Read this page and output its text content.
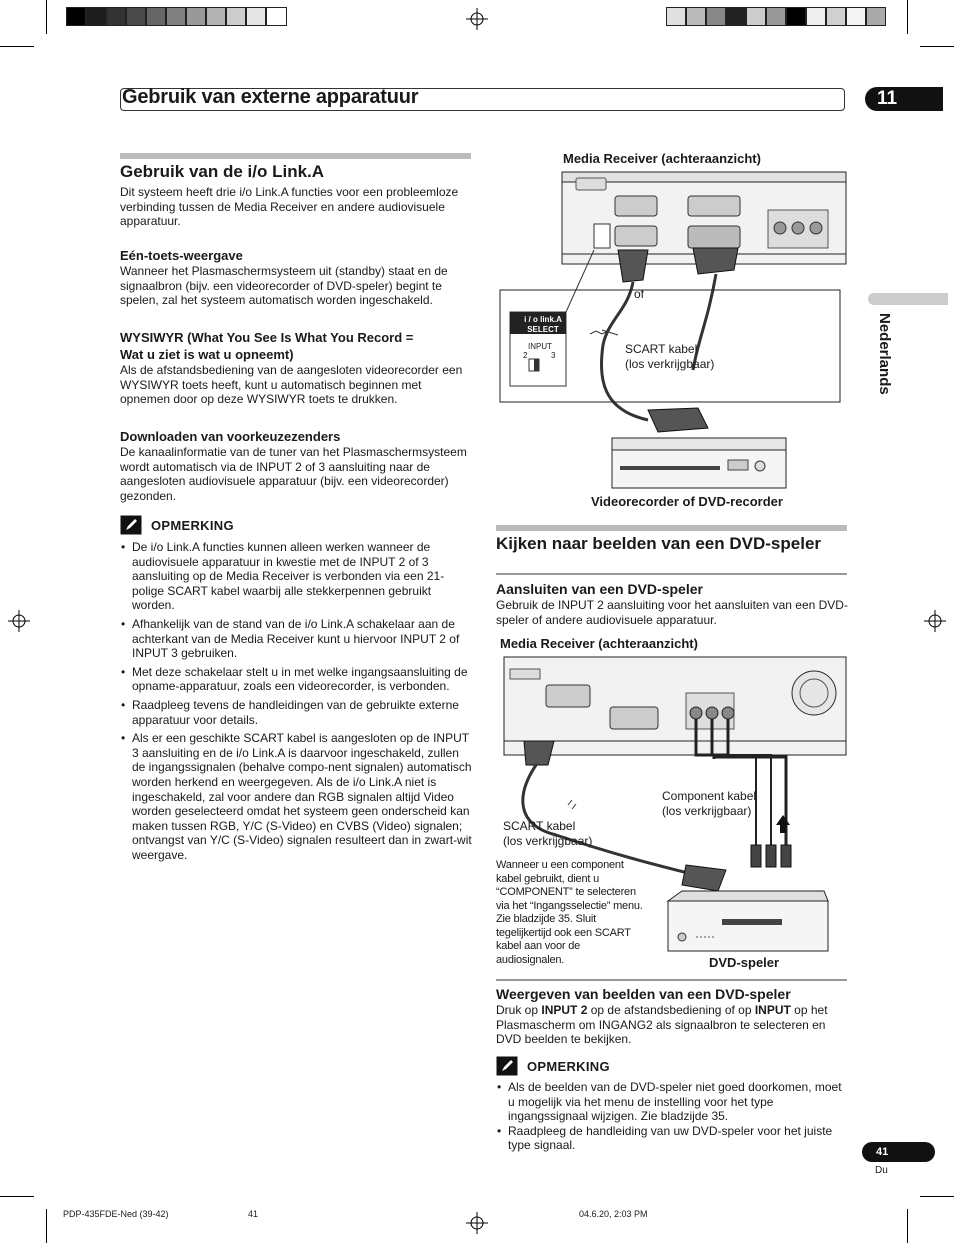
Gebruik van externe apparatuur	11
Nederlands
Gebruik van de i/o Link.A
Dit systeem heeft drie i/o Link.A functies voor een probleemloze verbinding tussen de Media Receiver en andere audiovisuele apparatuur.
Eén-toets-weergave
Wanneer het Plasmaschermsysteem uit (standby) staat en de signaalbron (bijv. een videorecorder of DVD-speler) begint te spelen, zal het systeem automatisch worden ingeschakeld.
WYSIWYR (What You See Is What You Record =
Wat u ziet is wat u opneemt)
Als de afstandsbediening van de aangesloten videorecorder een WYSIWYR toets heeft, kunt u automatisch beginnen met opnemen door op deze WYSIWYR toets te drukken.
Downloaden van voorkeuzezenders
De kanaalinformatie van de tuner van het Plasmaschermsysteem wordt automatisch via de INPUT 2 of 3 aansluiting naar de aangesloten audiovisuele apparatuur (bijv. een videorecorder) gezonden.
OPMERKING
• De i/o Link.A functies kunnen alleen werken wanneer de audiovisuele apparatuur in kwestie met de INPUT 2 of 3 aansluiting op de Media Receiver is verbonden via een 21-polige SCART kabel waarbij alle stekkerpennen gebruikt worden.
• Afhankelijk van de stand van de i/o Link.A schakelaar aan de achterkant van de Media Receiver kunt u hiervoor INPUT 2 of INPUT 3 gebruiken.
• Met deze schakelaar stelt u in met welke ingangsaansluiting de opname-apparatuur, zoals een videorecorder, is verbonden.
• Raadpleeg tevens de handleidingen van de gebruikte externe apparatuur voor details.
• Als er een geschikte SCART kabel is aangesloten op de INPUT 3 aansluiting en de i/o Link.A is daarvoor ingeschakeld, zullen de ingangssignalen (behalve compo-nent signalen) automatisch worden herkend en weergegeven. Als de i/o Link.A niet is ingeschakeld, zal voor andere dan RGB signalen altijd Video worden geselecteerd omdat het systeem geen onderscheid kan maken tussen RGB, Y/C (S-Video) en CVBS (Video) signalen; ontvangst van Y/C (S-Video) signalen resulteert dan in zwart-wit weergave.
Media Receiver (achteraanzicht)
i / o link.A
SELECT
INPUT
2	3
of
SCART kabel
(los verkrijgbaar)
Videorecorder of DVD-recorder
Kijken naar beelden van een DVD-speler
Aansluiten van een DVD-speler
Gebruik de INPUT 2 aansluiting voor het aansluiten van een DVD-speler of andere audiovisuele apparatuur.
Media Receiver (achteraanzicht)
Component kabel
(los verkrijgbaar)
SCART kabel
(los verkrijgbaar)
Wanneer u een component kabel gebruikt, dient u “COMPONENT” te selecteren via het “Ingangsselectie” menu. Zie bladzijde 35. Sluit tegelijkertijd ook een SCART kabel aan voor de audiosignalen.	DVD-speler
Weergeven van beelden van een DVD-speler
Druk op INPUT 2 op de afstandsbediening of op INPUT op het Plasmascherm om INGANG2 als signaalbron te selecteren en DVD beelden te bekijken.
OPMERKING
• Als de beelden van de DVD-speler niet goed doorkomen, moet u mogelijk via het menu de instelling voor het type ingangssignaal wijzigen. Zie bladzijde 35.
• Raadpleeg de handleiding van uw DVD-speler voor het juiste type signaal.	41
Du
PDP-435FDE-Ned (39-42)	41	04.6.20, 2:03 PM
